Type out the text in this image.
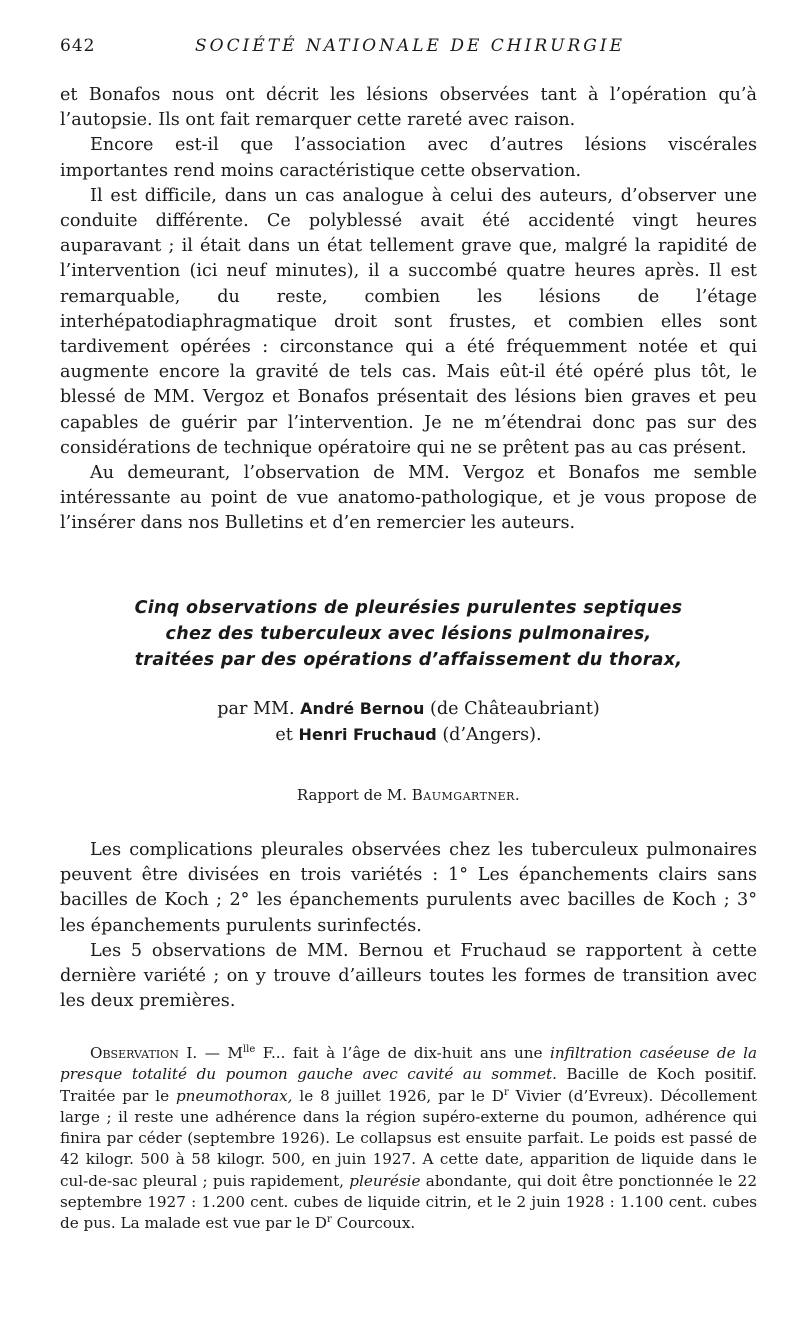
642	SOCIÉTÉ NATIONALE DE CHIRURGIE

et Bonafos nous ont décrit les lésions observées tant à l’opération qu’à l’autopsie. Ils ont fait remarquer cette rareté avec raison.

Encore est-il que l’association avec d’autres lésions viscérales importantes rend moins caractéristique cette observation.

Il est difficile, dans un cas analogue à celui des auteurs, d’observer une conduite différente. Ce polyblessé avait été accidenté vingt heures auparavant ; il était dans un état tellement grave que, malgré la rapidité de l’intervention (ici neuf minutes), il a succombé quatre heures après. Il est remarquable, du reste, combien les lésions de l’étage interhépatodiaphragmatique droit sont frustes, et combien elles sont tardivement opérées : circonstance qui a été fréquemment notée et qui augmente encore la gravité de tels cas. Mais eût-il été opéré plus tôt, le blessé de MM. Vergoz et Bonafos présentait des lésions bien graves et peu capables de guérir par l’intervention. Je ne m’étendrai donc pas sur des considérations de technique opératoire qui ne se prêtent pas au cas présent.

Au demeurant, l’observation de MM. Vergoz et Bonafos me semble intéressante au point de vue anatomo-pathologique, et je vous propose de l’insérer dans nos Bulletins et d’en remercier les auteurs.

Cinq observations de pleurésies purulentes septiques
chez des tuberculeux avec lésions pulmonaires,
traitées par des opérations d’affaissement du thorax,
par MM. André Bernou (de Châteaubriant)
et Henri Fruchaud (d’Angers).
Rapport de M. Baumgartner.

Les complications pleurales observées chez les tuberculeux pulmonaires peuvent être divisées en trois variétés : 1° Les épanchements clairs sans bacilles de Koch ; 2° les épanchements purulents avec bacilles de Koch ; 3° les épanchements purulents surinfectés.

Les 5 observations de MM. Bernou et Fruchaud se rapportent à cette dernière variété ; on y trouve d’ailleurs toutes les formes de transition avec les deux premières.

Observation I. — $M^{lle}$ F... fait à l’âge de dix-huit ans une infiltration caséeuse de la presque totalité du poumon gauche avec cavité au sommet. Bacille de Koch positif. Traitée par le pneumothorax, le 8 juillet 1926, par le $D^r$ Vivier (d’Evreux). Décollement large ; il reste une adhérence dans la région supéro-externe du poumon, adhérence qui finira par céder (septembre 1926). Le collapsus est ensuite parfait. Le poids est passé de 42 kilogr. 500 à 58 kilogr. 500, en juin 1927. A cette date, apparition de liquide dans le cul-de-sac pleural ; puis rapidement, pleurésie abondante, qui doit être ponctionnée le 22 septembre 1927 : 1.200 cent. cubes de liquide citrin, et le 2 juin 1928 : 1.100 cent. cubes de pus. La malade est vue par le $D^r$ Courcoux.
